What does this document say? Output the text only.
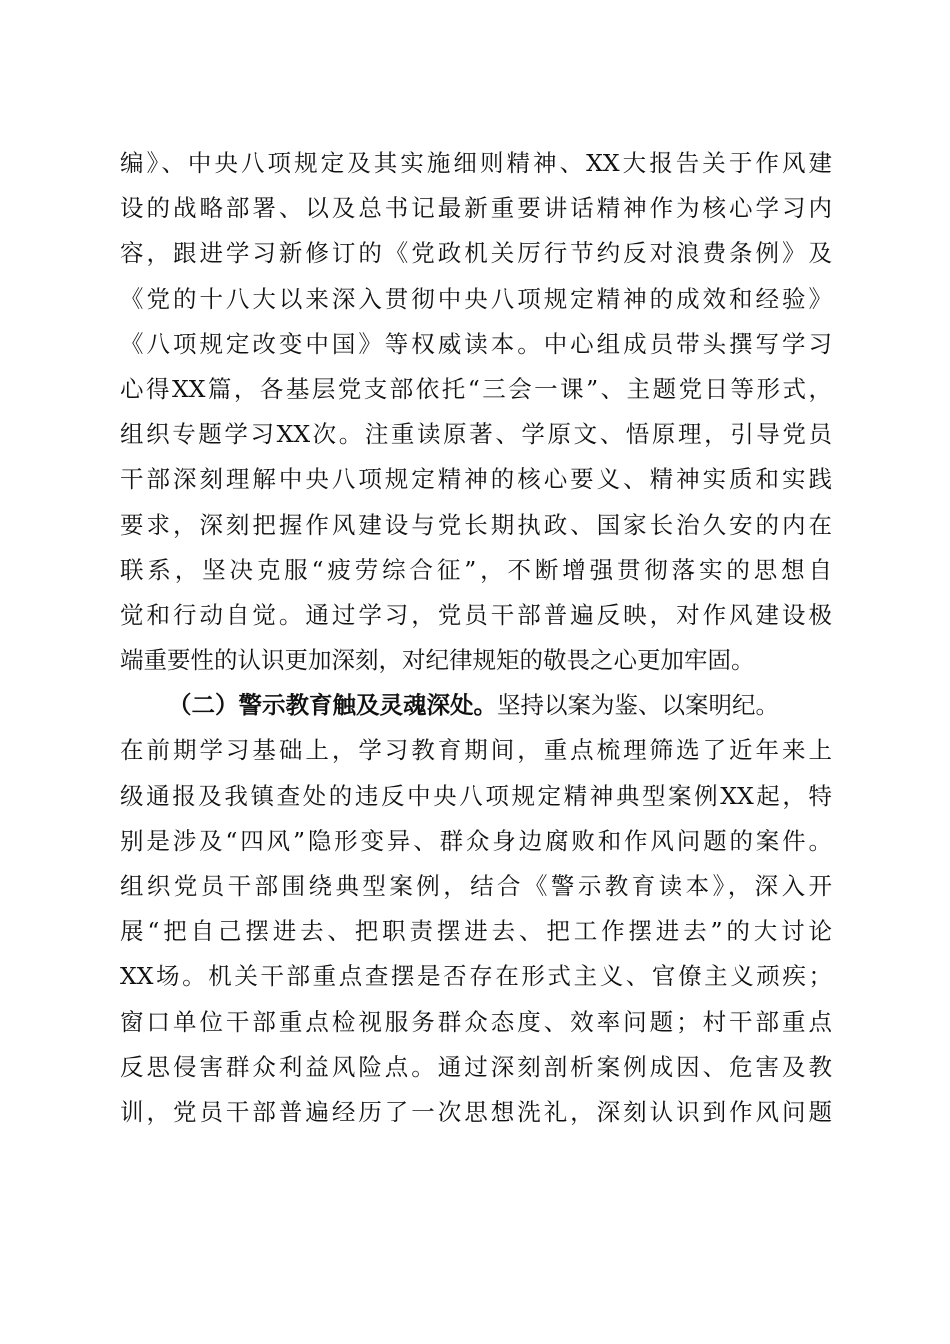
编》、中央八项规定及其实施细则精神、XX大报告关于作风建
设的战略部署、以及总书记最新重要讲话精神作为核心学习内
容，跟进学习新修订的《党政机关厉行节约反对浪费条例》及
《党的十八大以来深入贯彻中央八项规定精神的成效和经验》
《八项规定改变中国》等权威读本。中心组成员带头撰写学习
心得XX篇，各基层党支部依托“三会一课”、主题党日等形式，
组织专题学习XX次。注重读原著、学原文、悟原理，引导党员
干部深刻理解中央八项规定精神的核心要义、精神实质和实践
要求，深刻把握作风建设与党长期执政、国家长治久安的内在
联系，坚决克服“疲劳综合征”，不断增强贯彻落实的思想自
觉和行动自觉。通过学习，党员干部普遍反映，对作风建设极
端重要性的认识更加深刻，对纪律规矩的敬畏之心更加牢固。
（二）警示教育触及灵魂深处。坚持以案为鉴、以案明纪。
在前期学习基础上，学习教育期间，重点梳理筛选了近年来上
级通报及我镇查处的违反中央八项规定精神典型案例XX起，特
别是涉及“四风”隐形变异、群众身边腐败和作风问题的案件。
组织党员干部围绕典型案例，结合《警示教育读本》，深入开
展“把自己摆进去、把职责摆进去、把工作摆进去”的大讨论
XX场。机关干部重点查摆是否存在形式主义、官僚主义顽疾；
窗口单位干部重点检视服务群众态度、效率问题；村干部重点
反思侵害群众利益风险点。通过深刻剖析案例成因、危害及教
训，党员干部普遍经历了一次思想洗礼，深刻认识到作风问题
